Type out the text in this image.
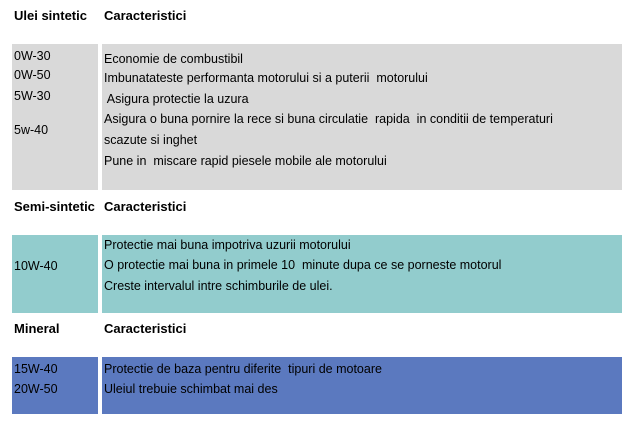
Ulei sintetic Caracteristici
0W-30
0W-50
5W-30
5w-40
Economie de combustibil
Imbunatateste performanta motorului si a puterii  motorului
Asigura protectie la uzura
Asigura o buna pornire la rece si buna circulatie  rapida  in conditii de temperaturi
scazute si inghet
Pune in  miscare rapid piesele mobile ale motorului
Semi-sintetic Caracteristici
10W-40
Protectie mai buna impotriva uzurii motorului
O protectie mai buna in primele 10  minute dupa ce se porneste motorul
Creste intervalul intre schimburile de ulei.
Mineral	Caracteristici
15W-40
20W-50
Protectie de baza pentru diferite  tipuri de motoare
Uleiul trebuie schimbat mai des
